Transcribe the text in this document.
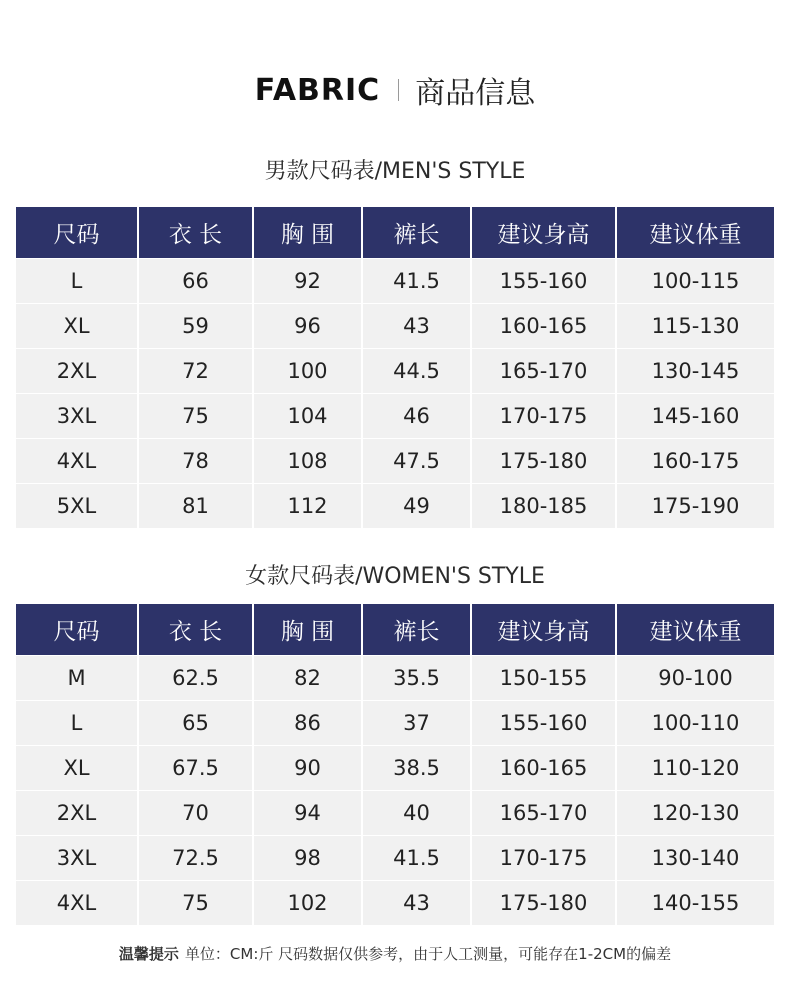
FABRIC 商品信息
男款尺码表/MEN'S STYLE
尺码	衣 长	胸 围	裤长	建议身高	建议体重
L	66	92	41.5	155-160	100-115
XL	59	96	43	160-165	115-130
2XL	72	100	44.5	165-170	130-145
3XL	75	104	46	170-175	145-160
4XL	78	108	47.5	175-180	160-175
5XL	81	112	49	180-185	175-190
女款尺码表/WOMEN'S STYLE
尺码	衣 长	胸 围	裤长	建议身高	建议体重
M	62.5	82	35.5	150-155	90-100
L	65	86	37	155-160	100-110
XL	67.5	90	38.5	160-165	110-120
2XL	70	94	40	165-170	120-130
3XL	72.5	98	41.5	170-175	130-140
4XL	75	102	43	175-180	140-155
温馨提示 单位：CM:斤 尺码数据仅供参考，由于人工测量，可能存在1-2CM的偏差
